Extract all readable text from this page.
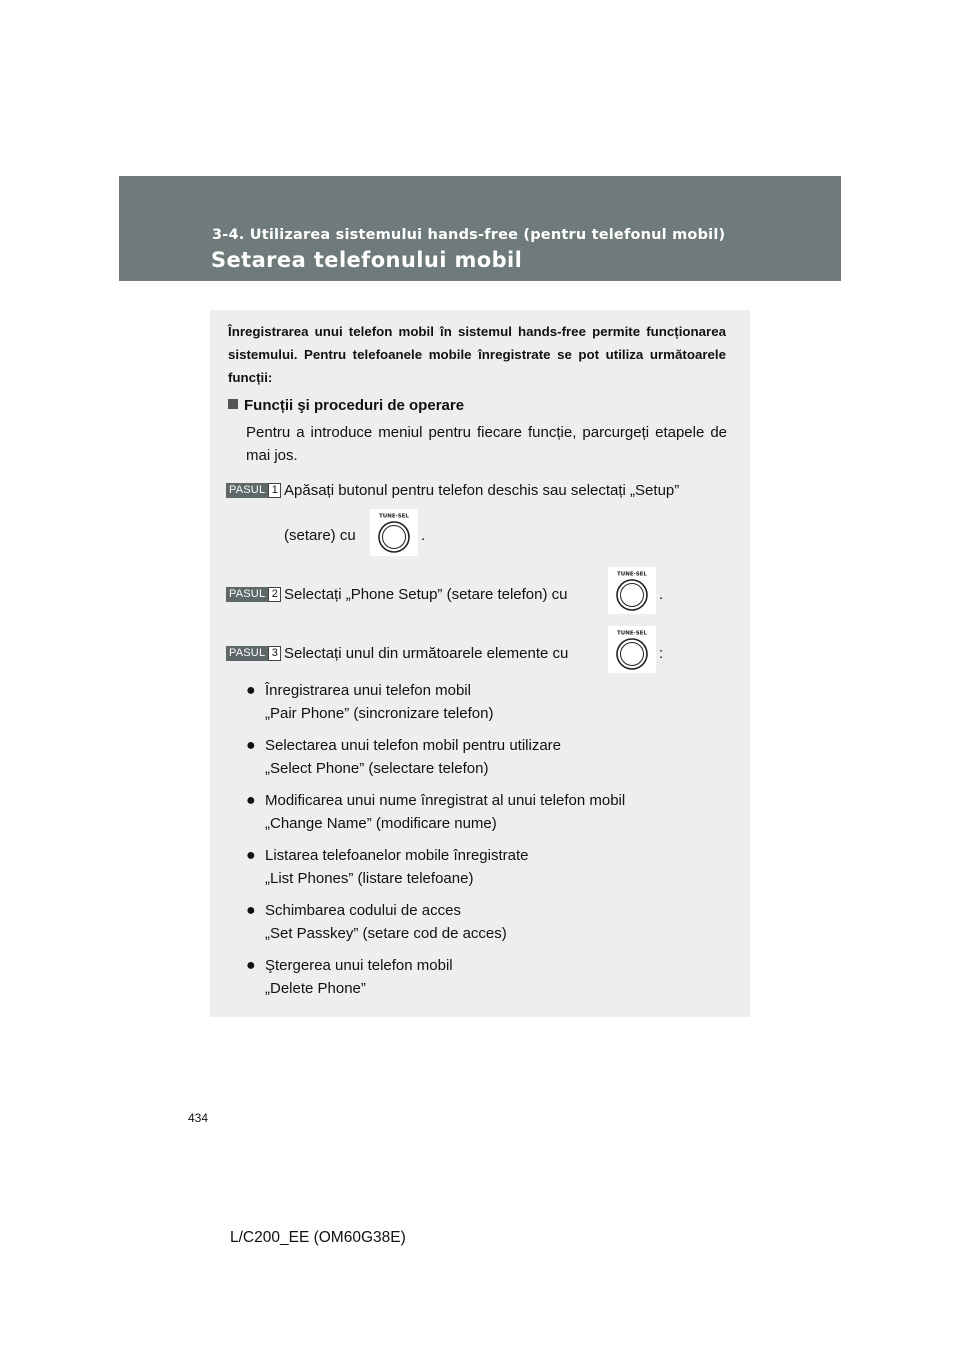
3-4. Utilizarea sistemului hands-free (pentru telefonul mobil)
Setarea telefonului mobil
Înregistrarea unui telefon mobil în sistemul hands-free permite funcționarea sistemului. Pentru telefoanele mobile înregistrate se pot utiliza următoarele funcții:
Funcții şi proceduri de operare
Pentru a introduce meniul pentru fiecare funcție, parcurgeți etapele de mai jos.
PASUL 1 Apăsați butonul pentru telefon deschis sau selectați „Setup”
(setare) cu
TUNE·SEL
.
PASUL 2 Selectați „Phone Setup” (setare telefon) cu
TUNE·SEL
.
PASUL 3 Selectați unul din următoarele elemente cu
TUNE·SEL
:
● Înregistrarea unui telefon mobil
„Pair Phone” (sincronizare telefon)
● Selectarea unui telefon mobil pentru utilizare
„Select Phone” (selectare telefon)
● Modificarea unui nume înregistrat al unui telefon mobil
„Change Name” (modificare nume)
● Listarea telefoanelor mobile înregistrate
„List Phones” (listare telefoane)
● Schimbarea codului de acces
„Set Passkey” (setare cod de acces)
● Ştergerea unui telefon mobil
„Delete Phone”
434
L/C200_EE (OM60G38E)
